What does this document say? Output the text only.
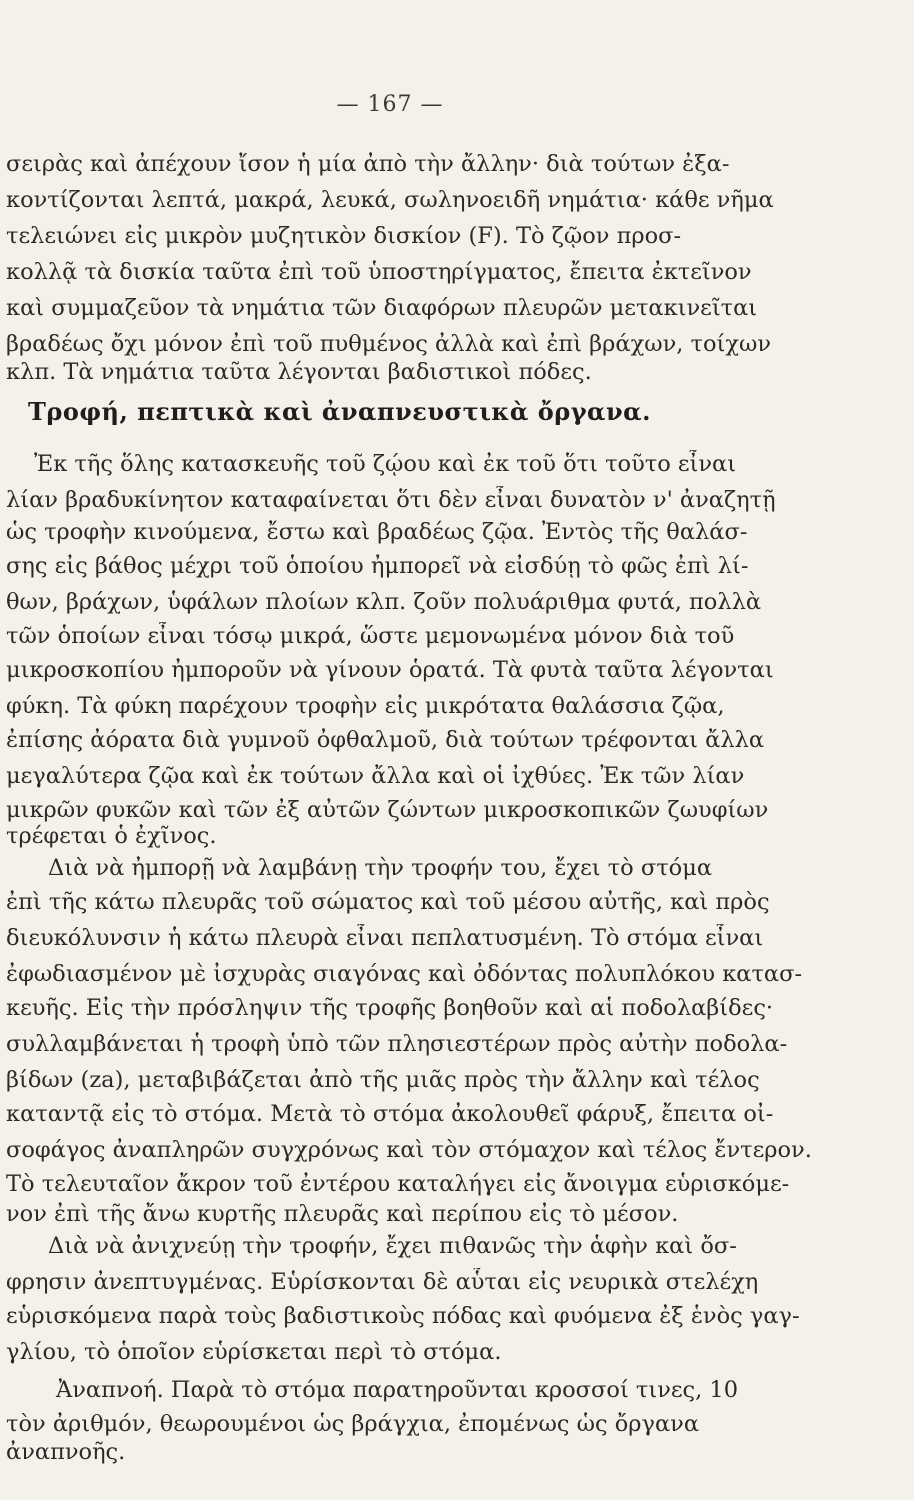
— 167 —
σειρὰς καὶ ἀπέχουν ἴσον ἡ μία ἀπὸ τὴν ἄλλην· διὰ τούτων ἐξα-
κοντίζονται λεπτά, μακρά, λευκά, σωληνοειδῆ νημάτια· κάθε νῆμα
τελειώνει εἰς μικρὸν μυζητικὸν δισκίον (F). Τὸ ζῷον προσ-
κολλᾷ τὰ δισκία ταῦτα ἐπὶ τοῦ ὑποστηρίγματος, ἔπειτα ἐκτεῖνον
καὶ συμμαζεῦον τὰ νημάτια τῶν διαφόρων πλευρῶν μετακινεῖται
βραδέως ὄχι μόνον ἐπὶ τοῦ πυθμένος ἀλλὰ καὶ ἐπὶ βράχων, τοίχων
κλπ. Τὰ νημάτια ταῦτα λέγονται βαδιστικοὶ πόδες.
Τροφή, πεπτικὰ καὶ ἀναπνευστικὰ ὄργανα.
Ἐκ τῆς ὅλης κατασκευῆς τοῦ ζῴου καὶ ἐκ τοῦ ὅτι τοῦτο εἶναι
λίαν βραδυκίνητον καταφαίνεται ὅτι δὲν εἶναι δυνατὸν ν' ἀναζητῇ
ὡς τροφὴν κινούμενα, ἔστω καὶ βραδέως ζῷα. Ἐντὸς τῆς θαλάσ-
σης εἰς βάθος μέχρι τοῦ ὁποίου ἠμπορεῖ νὰ εἰσδύῃ τὸ φῶς ἐπὶ λί-
θων, βράχων, ὑφάλων πλοίων κλπ. ζοῦν πολυάριθμα φυτά, πολλὰ
τῶν ὁποίων εἶναι τόσῳ μικρά, ὥστε μεμονωμένα μόνον διὰ τοῦ
μικροσκοπίου ἠμποροῦν νὰ γίνουν ὁρατά. Τὰ φυτὰ ταῦτα λέγονται
φύκη. Τὰ φύκη παρέχουν τροφὴν εἰς μικρότατα θαλάσσια ζῷα,
ἐπίσης ἀόρατα διὰ γυμνοῦ ὀφθαλμοῦ, διὰ τούτων τρέφονται ἄλλα
μεγαλύτερα ζῷα καὶ ἐκ τούτων ἄλλα καὶ οἱ ἰχθύες. Ἐκ τῶν λίαν
μικρῶν φυκῶν καὶ τῶν ἐξ αὐτῶν ζώντων μικροσκοπικῶν ζωυφίων
τρέφεται ὁ ἐχῖνος.
Διὰ νὰ ἠμπορῇ νὰ λαμβάνῃ τὴν τροφήν του, ἔχει τὸ στόμα
ἐπὶ τῆς κάτω πλευρᾶς τοῦ σώματος καὶ τοῦ μέσου αὐτῆς, καὶ πρὸς
διευκόλυνσιν ἡ κάτω πλευρὰ εἶναι πεπλατυσμένη. Τὸ στόμα εἶναι
ἐφωδιασμένον μὲ ἰσχυρὰς σιαγόνας καὶ ὀδόντας πολυπλόκου κατασ-
κευῆς. Εἰς τὴν πρόσληψιν τῆς τροφῆς βοηθοῦν καὶ αἱ ποδολαβίδες·
συλλαμβάνεται ἡ τροφὴ ὑπὸ τῶν πλησιεστέρων πρὸς αὐτὴν ποδολα-
βίδων (za), μεταβιβάζεται ἀπὸ τῆς μιᾶς πρὸς τὴν ἄλλην καὶ τέλος
καταντᾷ εἰς τὸ στόμα. Μετὰ τὸ στόμα ἀκολουθεῖ φάρυξ, ἔπειτα οἰ-
σοφάγος ἀναπληρῶν συγχρόνως καὶ τὸν στόμαχον καὶ τέλος ἔντερον.
Τὸ τελευταῖον ἄκρον τοῦ ἐντέρου καταλήγει εἰς ἄνοιγμα εὑρισκόμε-
νον ἐπὶ τῆς ἄνω κυρτῆς πλευρᾶς καὶ περίπου εἰς τὸ μέσον.
Διὰ νὰ ἀνιχνεύῃ τὴν τροφήν, ἔχει πιθανῶς τὴν ἁφὴν καὶ ὄσ-
φρησιν ἀνεπτυγμένας. Εὑρίσκονται δὲ αὗται εἰς νευρικὰ στελέχη
εὑρισκόμενα παρὰ τοὺς βαδιστικοὺς πόδας καὶ φυόμενα ἐξ ἑνὸς γαγ-
γλίου, τὸ ὁποῖον εὑρίσκεται περὶ τὸ στόμα.
Ἀναπνοή. Παρὰ τὸ στόμα παρατηροῦνται κροσσοί τινες, 10
τὸν ἀριθμόν, θεωρουμένοι ὡς βράγχια, ἐπομένως ὡς ὄργανα
ἀναπνοῆς.
